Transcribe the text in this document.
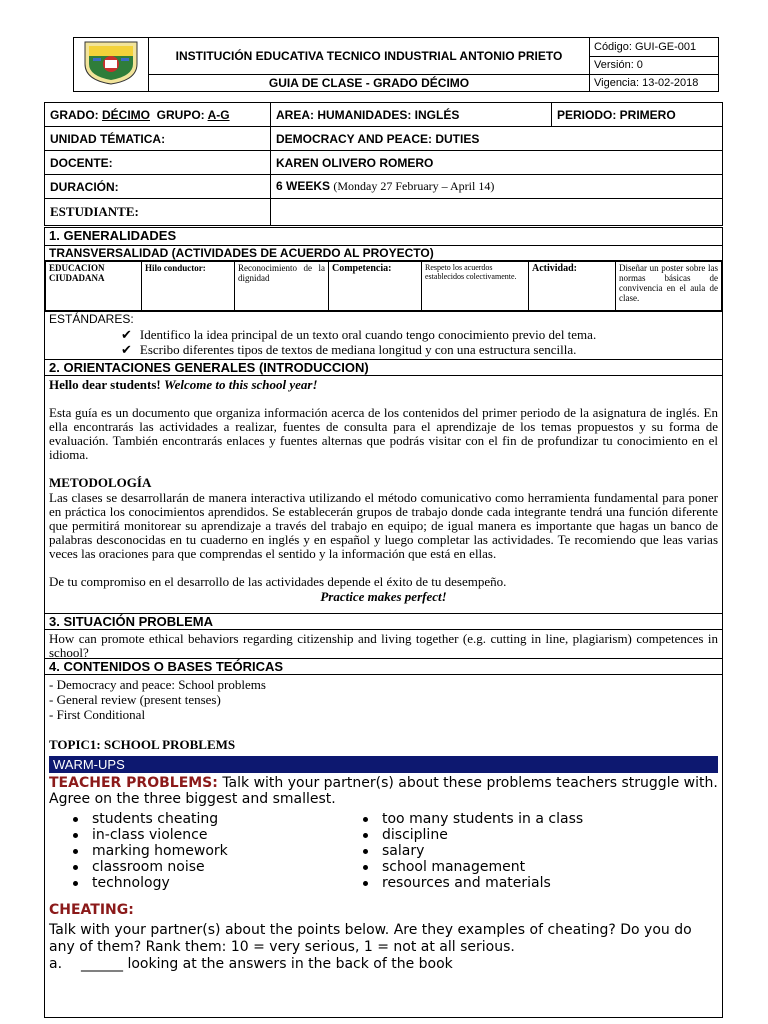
	INSTITUCIÓN EDUCATIVA TECNICO INDUSTRIAL ANTONIO PRIETO	Código: GUI-GE-001
		Versión: 0
	GUIA DE CLASE - GRADO DÉCIMO	Vigencia: 13-02-2018
GRADO: DÉCIMO GRUPO: A-G	AREA: HUMANIDADES: INGLÉS	PERIODO: PRIMERO
UNIDAD TÉMATICA:	DEMOCRACY AND PEACE: DUTIES	
DOCENTE:	KAREN OLIVERO ROMERO	
DURACIÓN:	6 WEEKS (Monday 27 February – April 14)	
ESTUDIANTE:		
1. GENERALIDADES
TRANSVERSALIDAD (ACTIVIDADES DE ACUERDO AL PROYECTO)
EDUCACION CIUDADANA	Hilo conductor:	Reconocimiento de la dignidad	Competencia:	Respeto los acuerdos establecidos colectivamente.	Actividad:	Diseñar un poster sobre las normas básicas de convivencia en el aula de clase.
ESTÁNDARES:
✔ Identifico la idea principal de un texto oral cuando tengo conocimiento previo del tema.
✔ Escribo diferentes tipos de textos de mediana longitud y con una estructura sencilla.
2. ORIENTACIONES GENERALES (INTRODUCCION)
Hello dear students! Welcome to this school year!
Esta guía es un documento que organiza información acerca de los contenidos del primer periodo de la asignatura de inglés. En ella encontrarás las actividades a realizar, fuentes de consulta para el aprendizaje de los temas propuestos y su forma de evaluación. También encontrarás enlaces y fuentes alternas que podrás visitar con el fin de profundizar tu conocimiento en el idioma.
METODOLOGÍA
Las clases se desarrollarán de manera interactiva utilizando el método comunicativo como herramienta fundamental para poner en práctica los conocimientos aprendidos. Se establecerán grupos de trabajo donde cada integrante tendrá una función diferente que permitirá monitorear su aprendizaje a través del trabajo en equipo; de igual manera es importante que hagas un banco de palabras desconocidas en tu cuaderno en inglés y en español y luego completar las actividades. Te recomiendo que leas varias veces las oraciones para que comprendas el sentido y la información que está en ellas.
De tu compromiso en el desarrollo de las actividades depende el éxito de tu desempeño.
Practice makes perfect!
3. SITUACIÓN PROBLEMA
How can promote ethical behaviors regarding citizenship and living together (e.g. cutting in line, plagiarism) competences in school?
4. CONTENIDOS O BASES TEÓRICAS
- Democracy and peace: School problems
- General review (present tenses)
- First Conditional
TOPIC1: SCHOOL PROBLEMS
WARM-UPS
TEACHER PROBLEMS: Talk with your partner(s) about these problems teachers struggle with. Agree on the three biggest and smallest.
students cheating
in-class violence
marking homework
classroom noise
technology
too many students in a class
discipline
salary
school management
resources and materials
CHEATING:
Talk with your partner(s) about the points below. Are they examples of cheating? Do you do any of them? Rank them: 10 = very serious, 1 = not at all serious.
a. ______ looking at the answers in the back of the book
